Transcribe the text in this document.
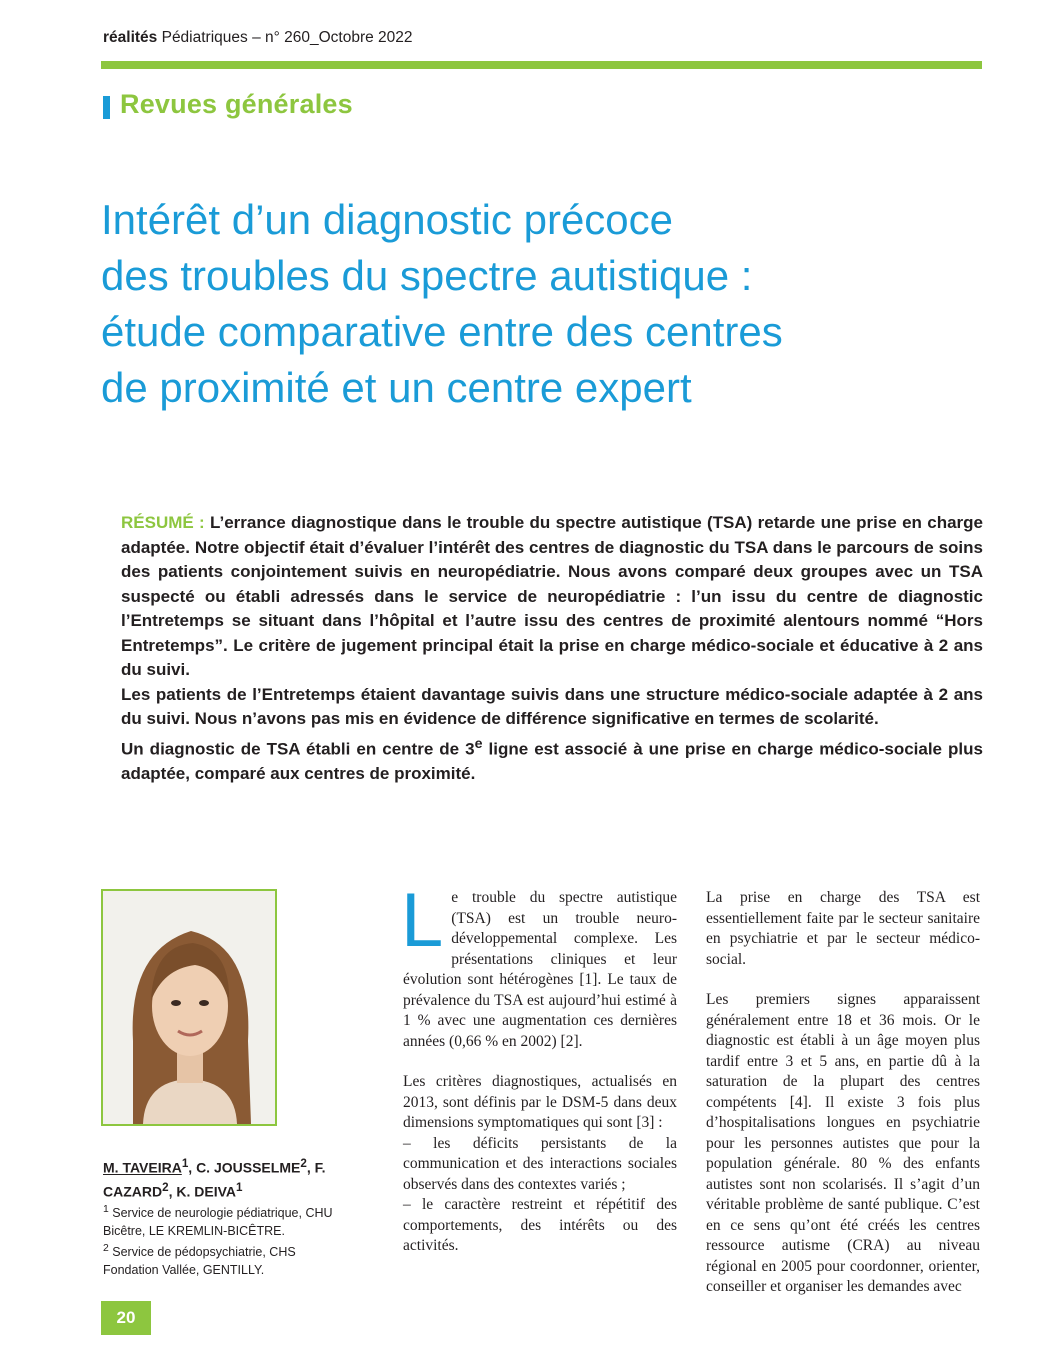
réalités Pédiatriques – n° 260_Octobre 2022
Revues générales
Intérêt d’un diagnostic précoce
des troubles du spectre autistique :
étude comparative entre des centres
de proximité et un centre expert

RÉSUMÉ : L’errance diagnostique dans le trouble du spectre autistique (TSA) retarde une prise en charge adaptée. Notre objectif était d’évaluer l’intérêt des centres de diagnostic du TSA dans le parcours de soins des patients conjointement suivis en neuropédiatrie. Nous avons comparé deux groupes avec un TSA suspecté ou établi adressés dans le service de neuropédiatrie : l’un issu du centre de diagnostic l’Entretemps se situant dans l’hôpital et l’autre issu des centres de proximité alentours nommé “Hors Entretemps”. Le critère de jugement principal était la prise en charge médico-sociale et éducative à 2 ans du suivi.

Les patients de l’Entretemps étaient davantage suivis dans une structure médico-sociale adaptée à 2 ans du suivi. Nous n’avons pas mis en évidence de différence significative en termes de scolarité.

Un diagnostic de TSA établi en centre de 3e ligne est associé à une prise en charge médico-sociale plus adaptée, comparé aux centres de proximité.

M. TAVEIRA$^1$, C. JOUSSELME$^2$, F. CAZARD$^2$, K. DEIVA$^1$

$^1$ Service de neurologie pédiatrique, CHU Bicêtre, LE KREMLIN-BICÊTRE.

$^2$ Service de pédopsychiatrie, CHS Fondation Vallée, GENTILLY.

Le trouble du spectre autistique (TSA) est un trouble neurodéveloppemental complexe. Les présentations cliniques et leur évolution sont hétérogènes [1]. Le taux de prévalence du TSA est aujourd’hui estimé à 1 % avec une augmentation ces dernières années (0,66 % en 2002) [2].

Les critères diagnostiques, actualisés en 2013, sont définis par le DSM-5 dans deux dimensions symptomatiques qui sont [3] :

– les déficits persistants de la communication et des interactions sociales observés dans des contextes variés ;

– le caractère restreint et répétitif des comportements, des intérêts ou des activités.

La prise en charge des TSA est essentiellement faite par le secteur sanitaire en psychiatrie et par le secteur médico-social.

Les premiers signes apparaissent généralement entre 18 et 36 mois. Or le diagnostic est établi à un âge moyen plus tardif entre 3 et 5 ans, en partie dû à la saturation de la plupart des centres compétents [4]. Il existe 3 fois plus d’hospitalisations longues en psychiatrie pour les personnes autistes que pour la population générale. 80 % des enfants autistes sont non scolarisés. Il s’agit d’un véritable problème de santé publique. C’est en ce sens qu’ont été créés les centres ressource autisme (CRA) au niveau régional en 2005 pour coordonner, orienter, conseiller et organiser les demandes avec

20
